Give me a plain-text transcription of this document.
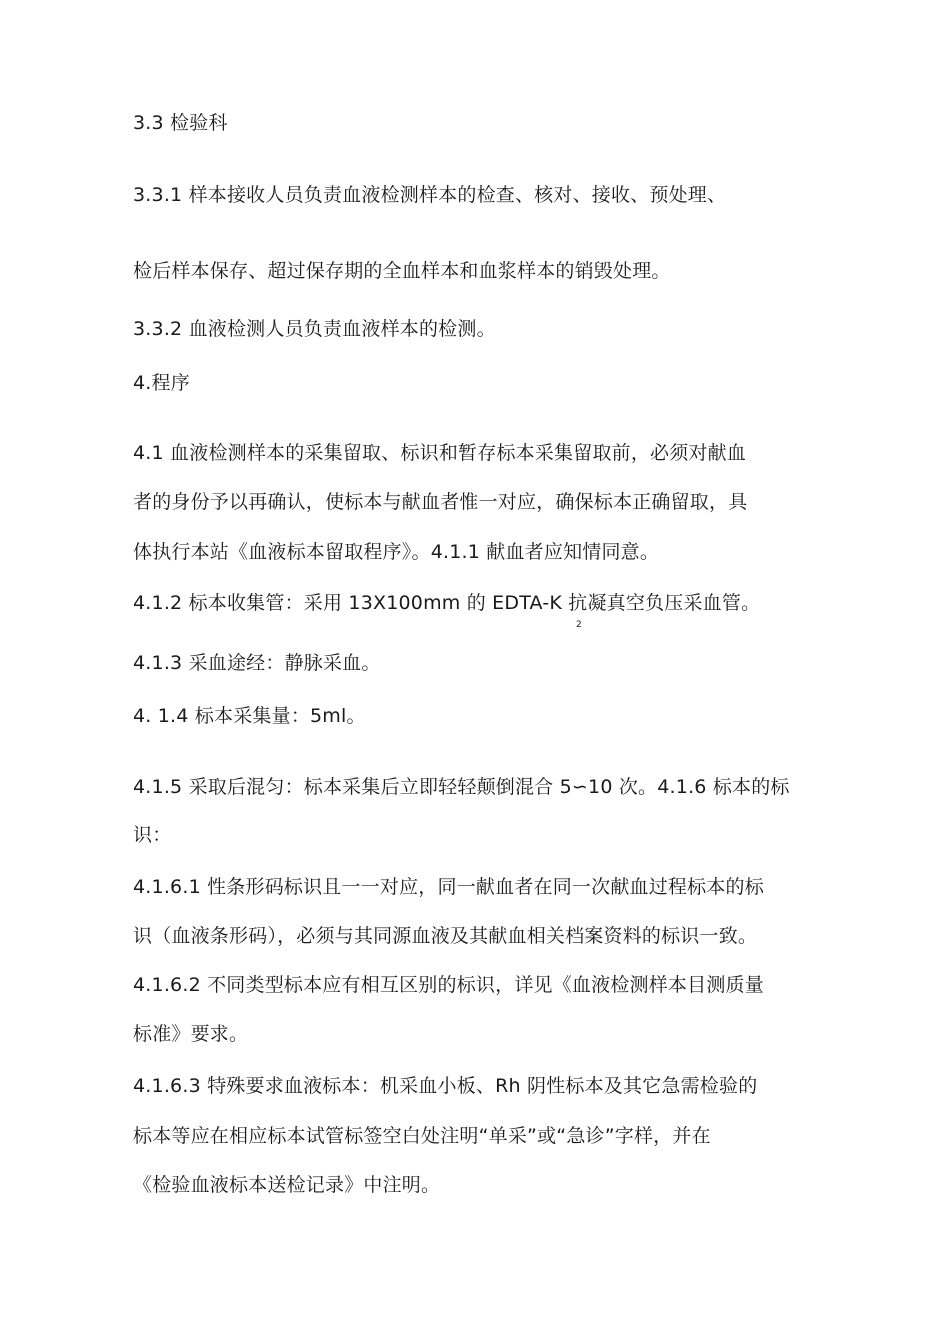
3.3 检验科
3.3.1 样本接收人员负责血液检测样本的检查、核对、接收、预处理、
检后样本保存、超过保存期的全血样本和血浆样本的销毁处理。
3.3.2 血液检测人员负责血液样本的检测。
4.程序
4.1 血液检测样本的采集留取、标识和暂存标本采集留取前，必须对献血
者的身份予以再确认，使标本与献血者惟一对应，确保标本正确留取，具
体执行本站《血液标本留取程序》。4.1.1 献血者应知情同意。
4.1.2 标本收集管：采用 13X100mm 的 EDTA-K 抗凝真空负压采血管。
4.1.3 采血途经：静脉采血。
4. 1.4 标本采集量：5ml。
4.1.5 采取后混匀：标本采集后立即轻轻颠倒混合 5∽10 次。4.1.6 标本的标
识：
4.1.6.1 性条形码标识且一一对应，同一献血者在同一次献血过程标本的标
识（血液条形码），必须与其同源血液及其献血相关档案资料的标识一致。
4.1.6.2 不同类型标本应有相互区别的标识，详见《血液检测样本目测质量
标准》要求。
4.1.6.3 特殊要求血液标本：机采血小板、Rh 阴性标本及其它急需检验的
标本等应在相应标本试管标签空白处注明“单采”或“急诊”字样，并在
《检验血液标本送检记录》中注明。
2
